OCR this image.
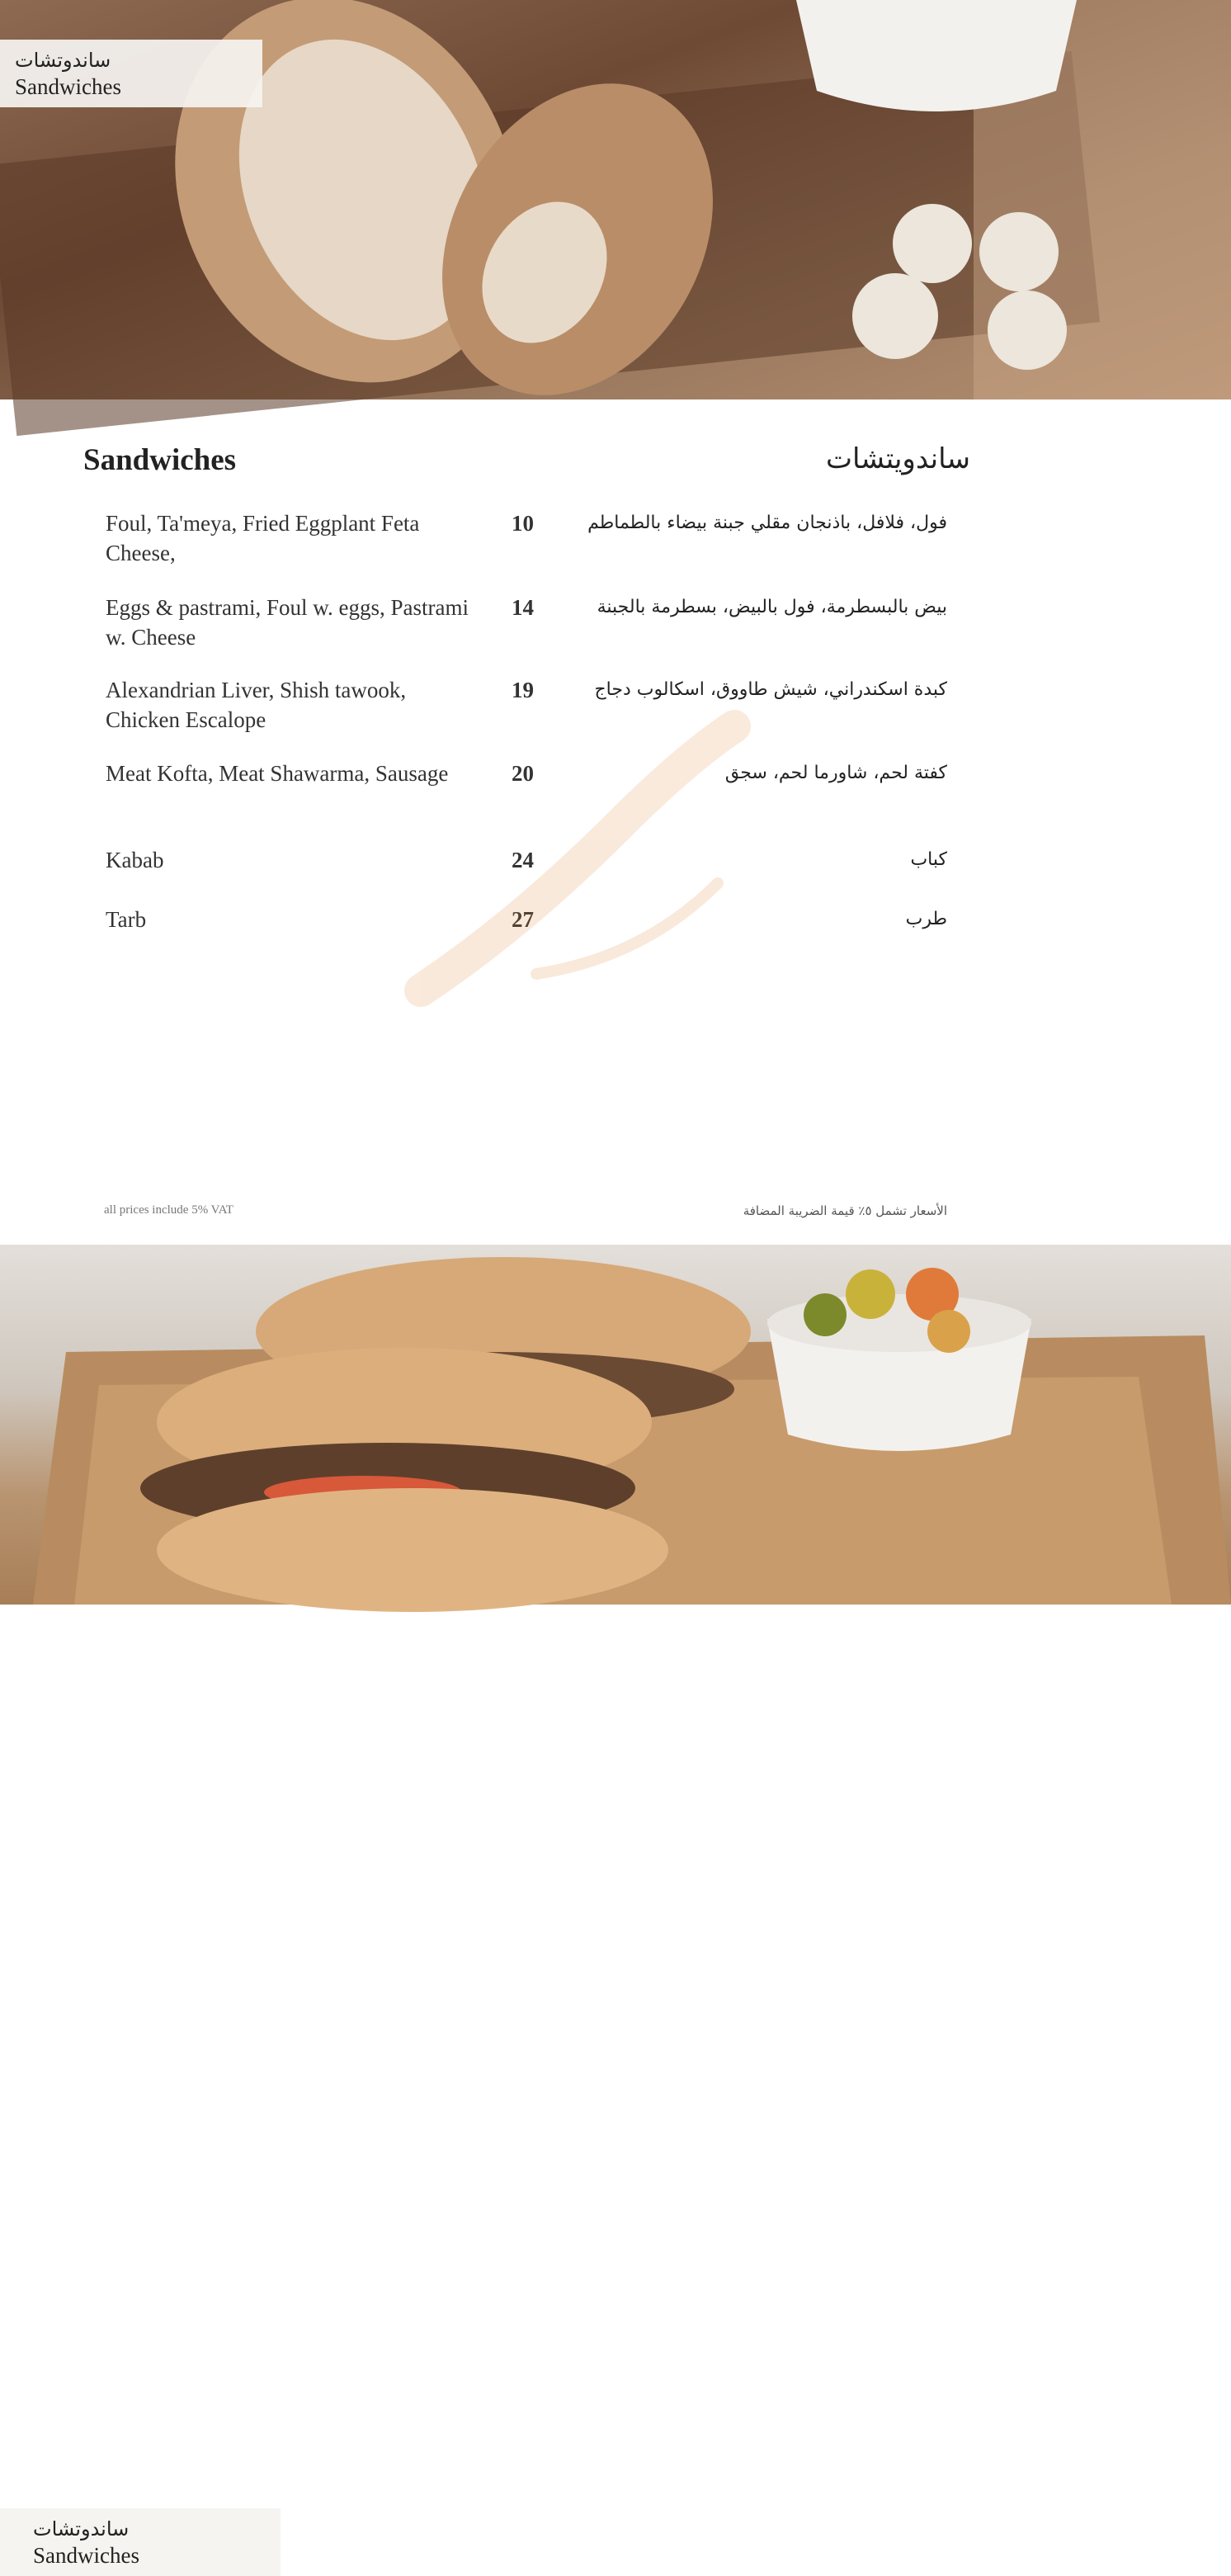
ساندوتشات
Sandwiches
Sandwiches	ساندويتشات
Foul, Ta'meya, Fried Eggplant Feta Cheese,
10	فول، فلافل، باذنجان مقلي جبنة بيضاء بالطماطم
Eggs & pastrami, Foul w. eggs, Pastrami w. Cheese
14	بيض بالبسطرمة، فول بالبيض، بسطرمة بالجبنة
Alexandrian Liver, Shish tawook, Chicken Escalope
19	كبدة اسكندراني، شيش طاووق، اسكالوب دجاج
Meat Kofta, Meat Shawarma, Sausage	20	كفتة لحم، شاورما لحم، سجق
Kabab	24	كباب
Tarb	27	طرب
all prices include 5% VAT	الأسعار تشمل ٥٪ قيمة الضريبة المضافة
ساندوتشات
Sandwiches
